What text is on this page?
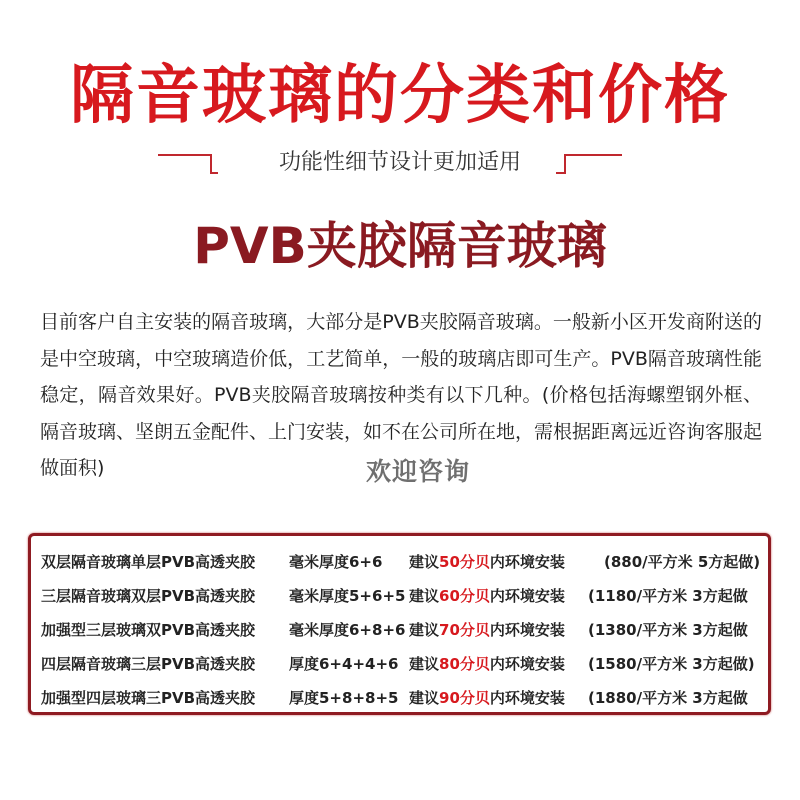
隔音玻璃的分类和价格
功能性细节设计更加适用
PVB夹胶隔音玻璃
目前客户自主安装的隔音玻璃，大部分是PVB夹胶隔音玻璃。一般新小区开发商附送的是中空玻璃，中空玻璃造价低，工艺简单，一般的玻璃店即可生产。PVB隔音玻璃性能稳定，隔音效果好。PVB夹胶隔音玻璃按种类有以下几种。(价格包括海螺塑钢外框、隔音玻璃、坚朗五金配件、上门安装，如不在公司所在地，需根据距离远近咨询客服起做面积)	欢迎咨询
双层隔音玻璃单层PVB高透夹胶 毫米厚度6+6 建议50分贝内环境安装	(880/平方米 5方起做)
三层隔音玻璃双层PVB高透夹胶 毫米厚度5+6+5 建议60分贝内环境安装 (1180/平方米 3方起做
加强型三层玻璃双PVB高透夹胶 毫米厚度6+8+6 建议70分贝内环境安装 (1380/平方米 3方起做
四层隔音玻璃三层PVB高透夹胶 厚度6+4+4+6 建议80分贝内环境安装 (1580/平方米 3方起做)
加强型四层玻璃三PVB高透夹胶 厚度5+8+8+5 建议90分贝内环境安装 (1880/平方米 3方起做
